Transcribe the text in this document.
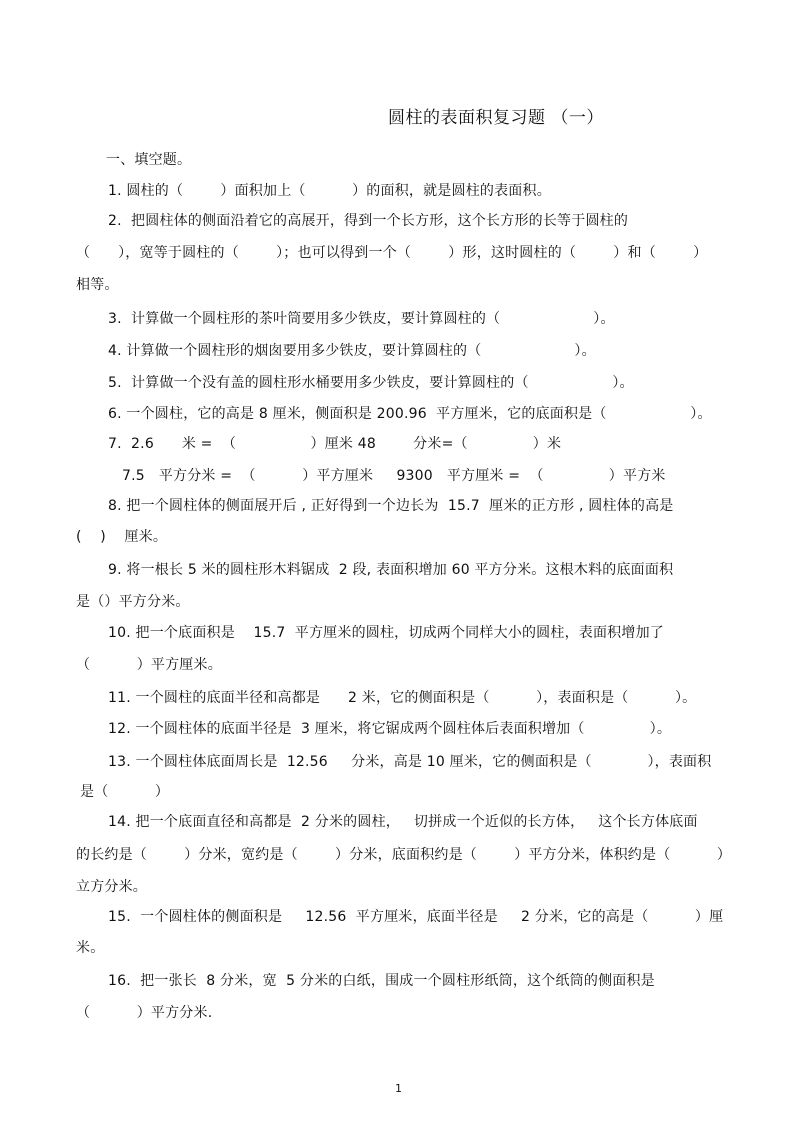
圆柱的表面积复习题 （一）
一、填空题。
1. 圆柱的（        ）面积加上（          ）的面积，就是圆柱的表面积。
2.  把圆柱体的侧面沿着它的高展开，得到一个长方形，这个长方形的长等于圆柱的
（      ），宽等于圆柱的（        ）；也可以得到一个（        ）形，这时圆柱的（        ）和（        ）
相等。
3.  计算做一个圆柱形的茶叶筒要用多少铁皮，要计算圆柱的（                    ）。
4. 计算做一个圆柱形的烟囱要用多少铁皮，要计算圆柱的（                    ）。
5.  计算做一个没有盖的圆柱形水桶要用多少铁皮，要计算圆柱的（                  ）。
6. 一个圆柱，它的高是 8 厘米，侧面积是 200.96  平方厘米，它的底面积是（                  ）。
7.  2.6      米 =  （                ）厘米 48        分米=（              ）米
7.5   平方分米 =  （          ）平方厘米     9300   平方厘米 =  （              ）平方米
8. 把一个圆柱体的侧面展开后 , 正好得到一个边长为  15.7  厘米的正方形 , 圆柱体的高是
(    )    厘米。
9. 将一根长 5 米的圆柱形木料锯成  2 段, 表面积增加 60 平方分米。这根木料的底面面积
是（）平方分米。
10. 把一个底面积是    15.7  平方厘米的圆柱，切成两个同样大小的圆柱，表面积增加了
（          ）平方厘米。
11. 一个圆柱的底面半径和高都是      2 米，它的侧面积是（          ），表面积是（          ）。
12. 一个圆柱体的底面半径是  3 厘米，将它锯成两个圆柱体后表面积增加（              ）。
13. 一个圆柱体底面周长是  12.56     分米，高是 10 厘米，它的侧面积是（            ），表面积
是（          ）
14. 把一个底面直径和高都是  2 分米的圆柱，   切拼成一个近似的长方体，   这个长方体底面
的长约是（        ）分米，宽约是（        ）分米，底面积约是（        ）平方分米，体积约是（          ）
立方分米。
15.  一个圆柱体的侧面积是     12.56  平方厘米，底面半径是     2 分米，它的高是（          ）厘
米。
16.  把一张长  8 分米，宽  5 分米的白纸，围成一个圆柱形纸筒，这个纸筒的侧面积是
（          ）平方分米.
1
